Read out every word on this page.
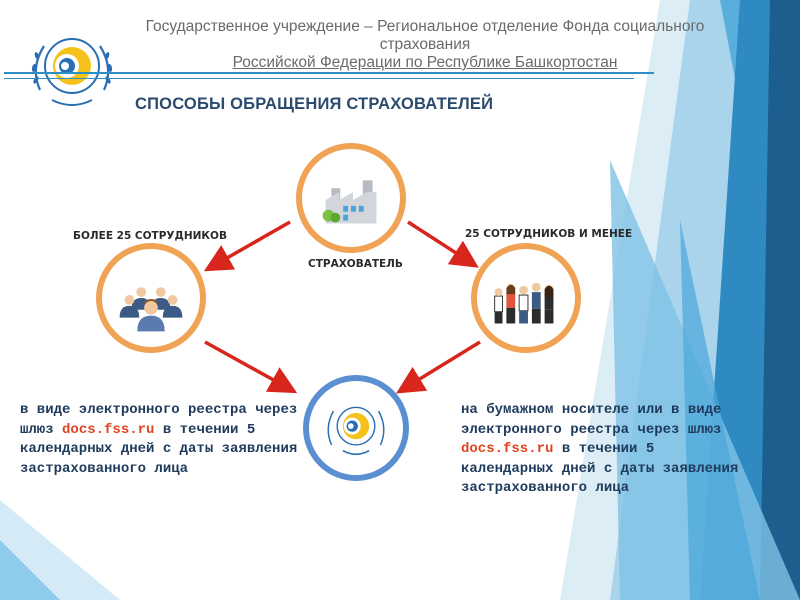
Государственное учреждение – Региональное отделение Фонда социального
страхования
Российской Федерации по Республике Башкортостан
СПОСОБЫ ОБРАЩЕНИЯ СТРАХОВАТЕЛЕЙ
БОЛЕЕ 25 СОТРУДНИКОВ	25 СОТРУДНИКОВ И МЕНЕЕ
СТРАХОВАТЕЛЬ
в виде электронного реестра через шлюз docs.fss.ru в течении 5 календарных дней с даты заявления застрахованного лица
на бумажном носителе или в виде электронного реестра через шлюз docs.fss.ru в течении 5 календарных дней с даты заявления застрахованного лица
